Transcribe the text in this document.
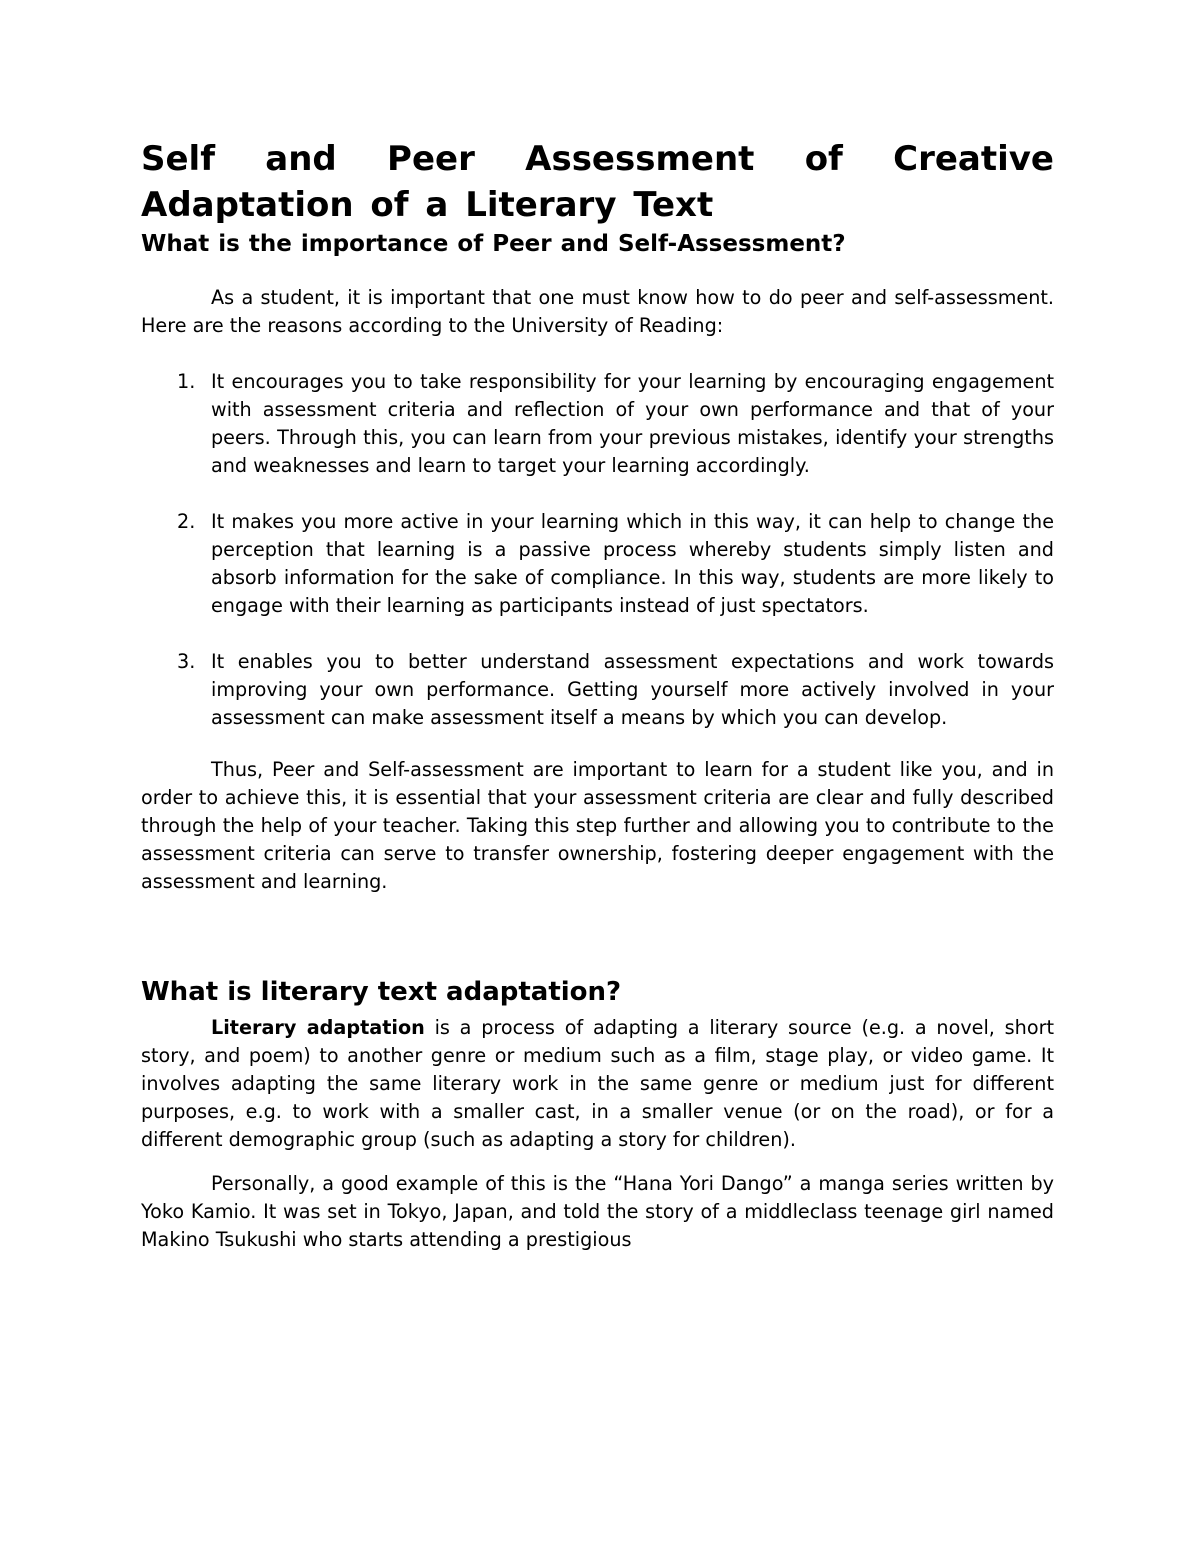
Self and Peer Assessment of Creative Adaptation of a Literary Text
What is the importance of Peer and Self-Assessment?

As a student, it is important that one must know how to do peer and self-assessment. Here are the reasons according to the University of Reading:

1. It encourages you to take responsibility for your learning by encouraging engagement with assessment criteria and reflection of your own performance and that of your peers. Through this, you can learn from your previous mistakes, identify your strengths and weaknesses and learn to target your learning accordingly.

2. It makes you more active in your learning which in this way, it can help to change the perception that learning is a passive process whereby students simply listen and absorb information for the sake of compliance. In this way, students are more likely to engage with their learning as participants instead of just spectators.

3. It enables you to better understand assessment expectations and work towards improving your own performance. Getting yourself more actively involved in your assessment can make assessment itself a means by which you can develop.

Thus, Peer and Self-assessment are important to learn for a student like you, and in order to achieve this, it is essential that your assessment criteria are clear and fully described through the help of your teacher. Taking this step further and allowing you to contribute to the assessment criteria can serve to transfer ownership, fostering deeper engagement with the assessment and learning.

What is literary text adaptation?

Literary adaptation is a process of adapting a literary source (e.g. a novel, short story, and poem) to another genre or medium such as a film, stage play, or video game. It involves adapting the same literary work in the same genre or medium just for different purposes, e.g. to work with a smaller cast, in a smaller venue (or on the road), or for a different demographic group (such as adapting a story for children).

Personally, a good example of this is the “Hana Yori Dango” a manga series written by Yoko Kamio. It was set in Tokyo, Japan, and told the story of a middleclass teenage girl named Makino Tsukushi who starts attending a prestigious
